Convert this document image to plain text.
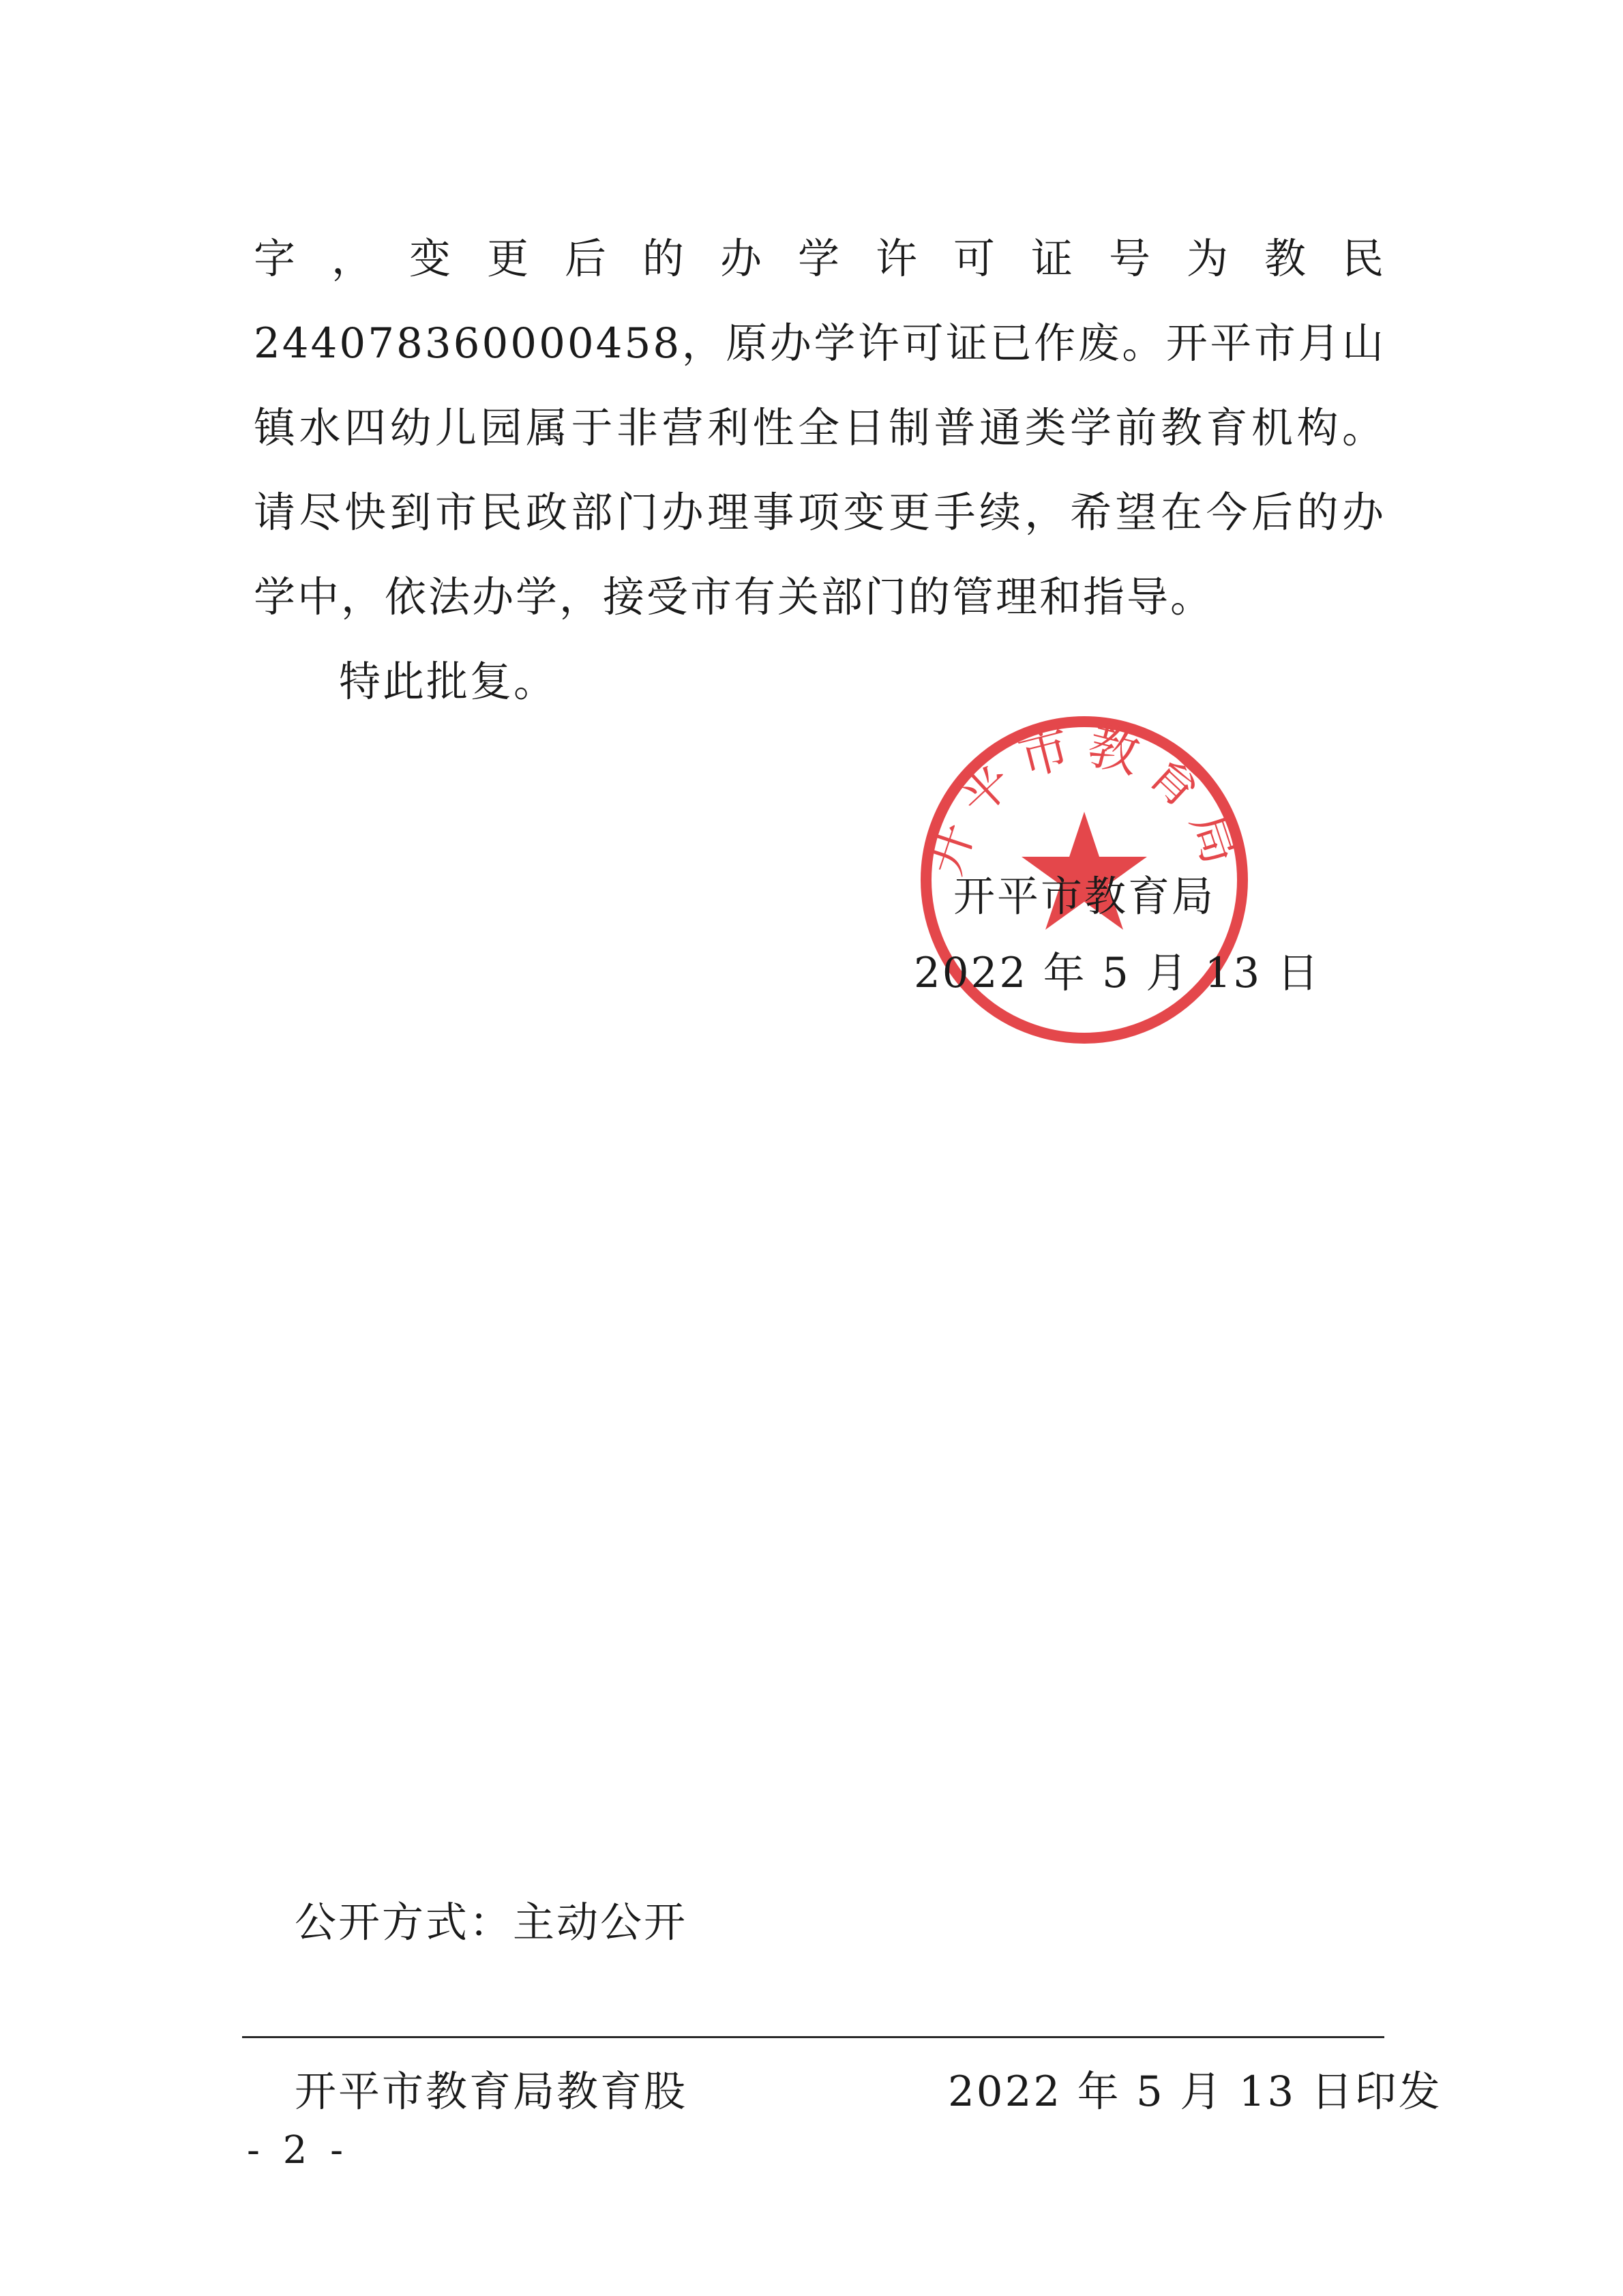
字，变更后的办学许可证号为教民 244078360000458，原办学许可证已作废。开平市月山镇水四幼儿园属于非营利性全日制普通类学前教育机构。请尽快到市民政部门办理事项变更手续，希望在今后的办学中，依法办学，接受市有关部门的管理和指导。

特此批复。

开平市教育局
开平市教育局
2022 年 5 月 13 日
公开方式：主动公开
开平市教育局教育股	2022 年 5 月 13 日印发
- 2 -
